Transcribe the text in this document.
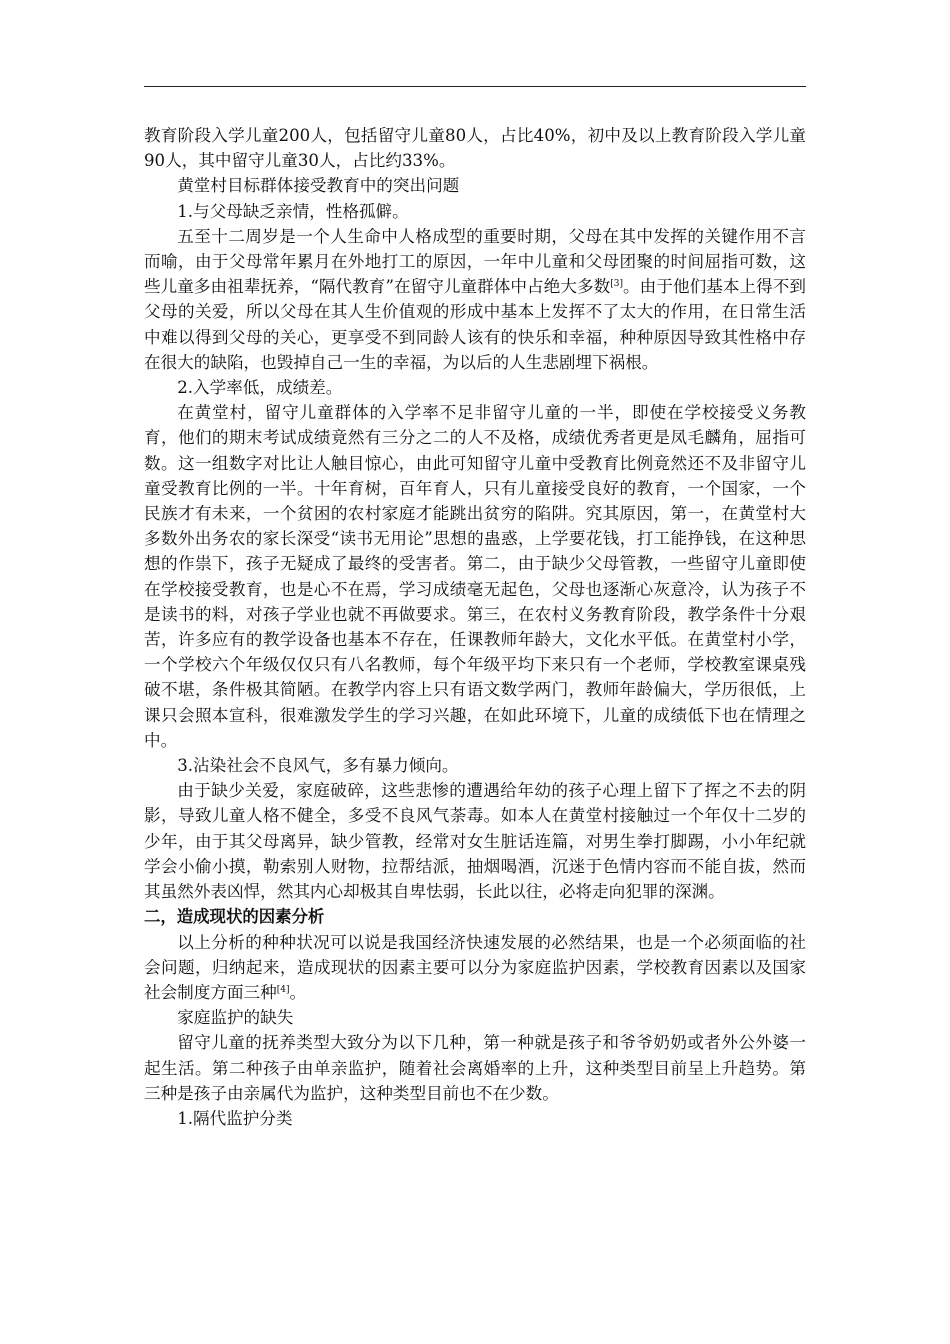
教育阶段入学儿童200人，包括留守儿童80人，占比40%，初中及以上教育阶段入学儿童90人，其中留守儿童30人，占比约33%。

黄堂村目标群体接受教育中的突出问题

1.与父母缺乏亲情，性格孤僻。

五至十二周岁是一个人生命中人格成型的重要时期，父母在其中发挥的关键作用不言而喻，由于父母常年累月在外地打工的原因，一年中儿童和父母团聚的时间屈指可数，这些儿童多由祖辈抚养，“隔代教育”在留守儿童群体中占绝大多数[3]。由于他们基本上得不到父母的关爱，所以父母在其人生价值观的形成中基本上发挥不了太大的作用，在日常生活中难以得到父母的关心，更享受不到同龄人该有的快乐和幸福，种种原因导致其性格中存在很大的缺陷，也毁掉自己一生的幸福，为以后的人生悲剧埋下祸根。

2.入学率低，成绩差。

在黄堂村，留守儿童群体的入学率不足非留守儿童的一半，即使在学校接受义务教育，他们的期末考试成绩竟然有三分之二的人不及格，成绩优秀者更是凤毛麟角，屈指可数。这一组数字对比让人触目惊心，由此可知留守儿童中受教育比例竟然还不及非留守儿童受教育比例的一半。十年育树，百年育人，只有儿童接受良好的教育，一个国家，一个民族才有未来，一个贫困的农村家庭才能跳出贫穷的陷阱。究其原因，第一，在黄堂村大多数外出务农的家长深受“读书无用论”思想的蛊惑，上学要花钱，打工能挣钱，在这种思想的作祟下，孩子无疑成了最终的受害者。第二，由于缺少父母管教，一些留守儿童即使在学校接受教育，也是心不在焉，学习成绩毫无起色，父母也逐渐心灰意冷，认为孩子不是读书的料，对孩子学业也就不再做要求。第三，在农村义务教育阶段，教学条件十分艰苦，许多应有的教学设备也基本不存在，任课教师年龄大，文化水平低。在黄堂村小学，一个学校六个年级仅仅只有八名教师，每个年级平均下来只有一个老师，学校教室课桌残破不堪，条件极其简陋。在教学内容上只有语文数学两门，教师年龄偏大，学历很低，上课只会照本宣科，很难激发学生的学习兴趣，在如此环境下，儿童的成绩低下也在情理之中。

3.沾染社会不良风气，多有暴力倾向。

由于缺少关爱，家庭破碎，这些悲惨的遭遇给年幼的孩子心理上留下了挥之不去的阴影，导致儿童人格不健全，多受不良风气荼毒。如本人在黄堂村接触过一个年仅十二岁的少年，由于其父母离异，缺少管教，经常对女生脏话连篇，对男生拳打脚踢，小小年纪就学会小偷小摸，勒索别人财物，拉帮结派，抽烟喝酒，沉迷于色情内容而不能自拔，然而其虽然外表凶悍，然其内心却极其自卑怯弱，长此以往，必将走向犯罪的深渊。

二，造成现状的因素分析

以上分析的种种状况可以说是我国经济快速发展的必然结果，也是一个必须面临的社会问题，归纳起来，造成现状的因素主要可以分为家庭监护因素，学校教育因素以及国家社会制度方面三种[4]。

家庭监护的缺失

留守儿童的抚养类型大致分为以下几种，第一种就是孩子和爷爷奶奶或者外公外婆一起生活。第二种孩子由单亲监护，随着社会离婚率的上升，这种类型目前呈上升趋势。第三种是孩子由亲属代为监护，这种类型目前也不在少数。

1.隔代监护分类
